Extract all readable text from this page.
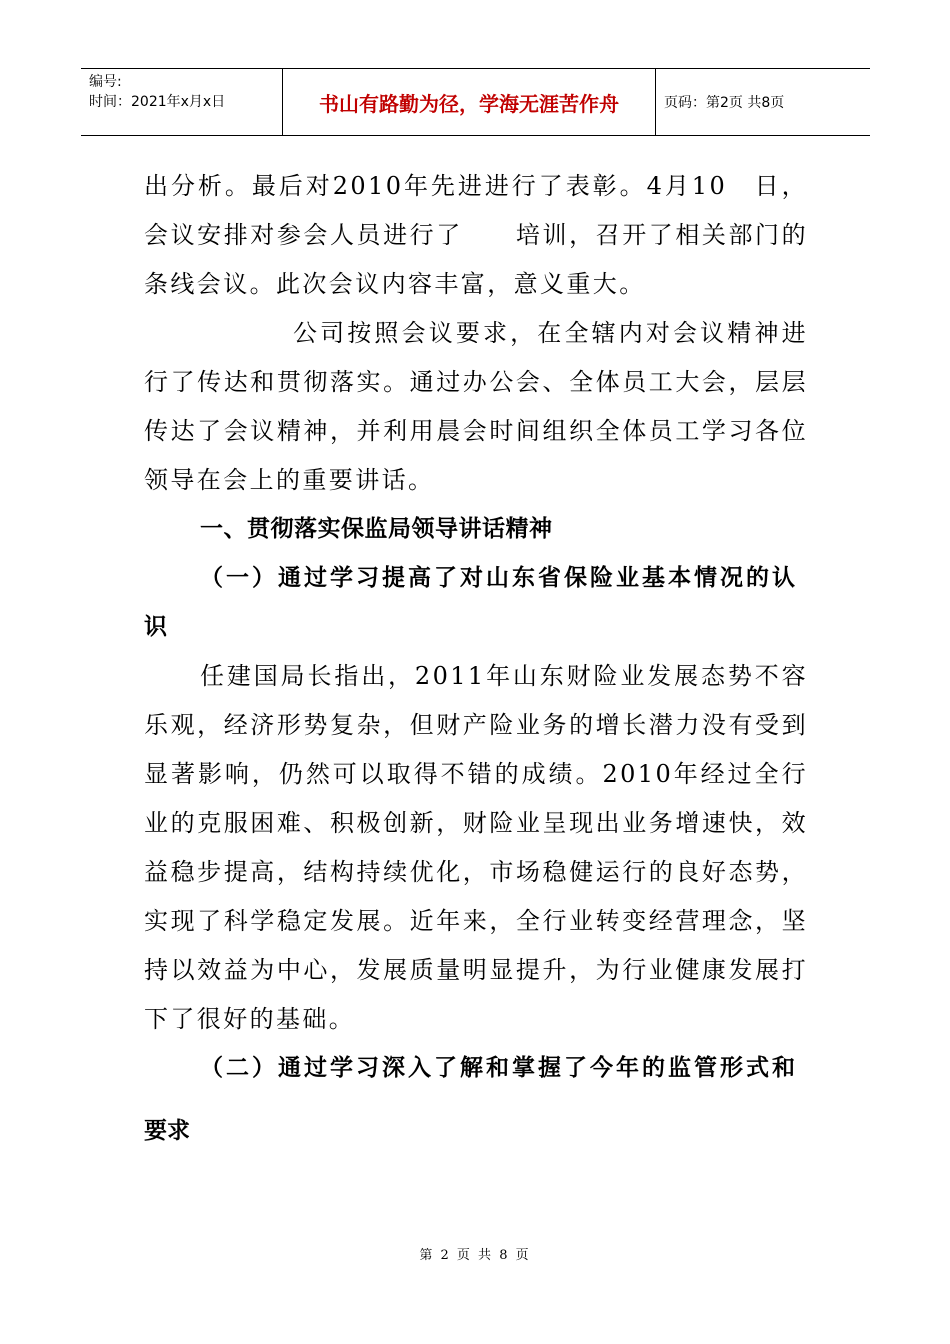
编号:
时间：2021年x月x日	书山有路勤为径，学海无涯苦作舟	页码：第2页 共8页

出分析。最后对2010年先进进行了表彰。4月10　日，会议安排对参会人员进行了　　培训，召开了相关部门的条线会议。此次会议内容丰富，意义重大。

公司按照会议要求，在全辖内对会议精神进行了传达和贯彻落实。通过办公会、全体员工大会，层层传达了会议精神，并利用晨会时间组织全体员工学习各位领导在会上的重要讲话。

一、贯彻落实保监局领导讲话精神

（一）通过学习提高了对山东省保险业基本情况的认识

任建国局长指出，2011年山东财险业发展态势不容乐观，经济形势复杂，但财产险业务的增长潜力没有受到显著影响，仍然可以取得不错的成绩。2010年经过全行业的克服困难、积极创新，财险业呈现出业务增速快，效益稳步提高，结构持续优化，市场稳健运行的良好态势，实现了科学稳定发展。近年来，全行业转变经营理念，坚持以效益为中心，发展质量明显提升，为行业健康发展打下了很好的基础。

（二）通过学习深入了解和掌握了今年的监管形式和

要求

第 2 页 共 8 页
